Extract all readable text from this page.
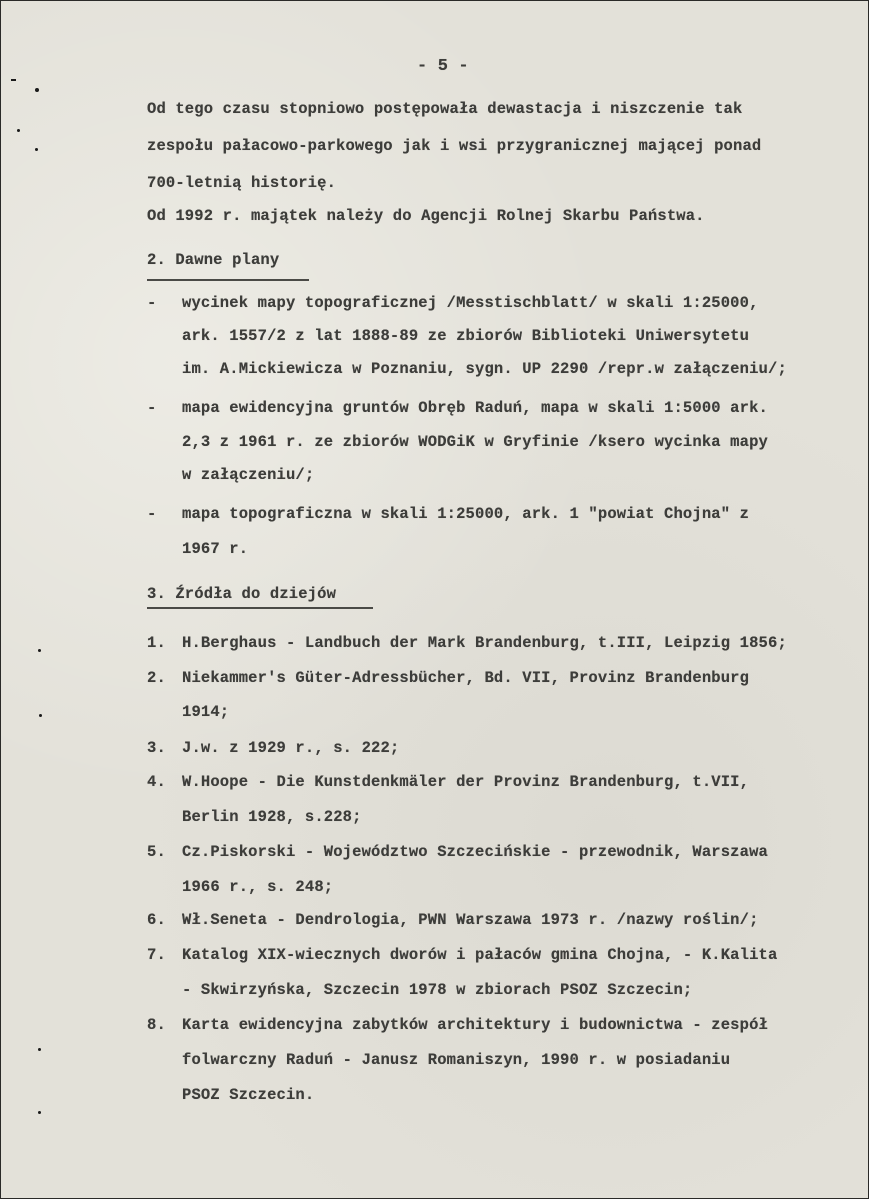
- 5 -
Od tego czasu stopniowo postępowała dewastacja i niszczenie tak
zespołu pałacowo-parkowego jak i wsi przygranicznej mającej ponad
700-letnią historię.
Od 1992 r. majątek należy do Agencji Rolnej Skarbu Państwa.
2. Dawne plany
- wycinek mapy topograficznej /Messtischblatt/ w skali 1:25000,
ark. 1557/2 z lat 1888-89 ze zbiorów Biblioteki Uniwersytetu
im. A.Mickiewicza w Poznaniu, sygn. UP 2290 /repr.w załączeniu/;
- mapa ewidencyjna gruntów Obręb Raduń, mapa w skali 1:5000 ark.
2,3 z 1961 r. ze zbiorów WODGiK w Gryfinie /ksero wycinka mapy
w załączeniu/;
- mapa topograficzna w skali 1:25000, ark. 1 "powiat Chojna" z
1967 r.
3. Źródła do dziejów
1. H.Berghaus - Landbuch der Mark Brandenburg, t.III, Leipzig 1856;
2. Niekammer's Güter-Adressbücher, Bd. VII, Provinz Brandenburg
1914;
3. J.w. z 1929 r., s. 222;
4. W.Hoope - Die Kunstdenkmäler der Provinz Brandenburg, t.VII,
Berlin 1928, s.228;
5. Cz.Piskorski - Województwo Szczecińskie - przewodnik, Warszawa
1966 r., s. 248;
6. Wł.Seneta - Dendrologia, PWN Warszawa 1973 r. /nazwy roślin/;
7. Katalog XIX-wiecznych dworów i pałaców gmina Chojna, - K.Kalita
- Skwirzyńska, Szczecin 1978 w zbiorach PSOZ Szczecin;
8. Karta ewidencyjna zabytków architektury i budownictwa - zespół
folwarczny Raduń - Janusz Romaniszyn, 1990 r. w posiadaniu
PSOZ Szczecin.
